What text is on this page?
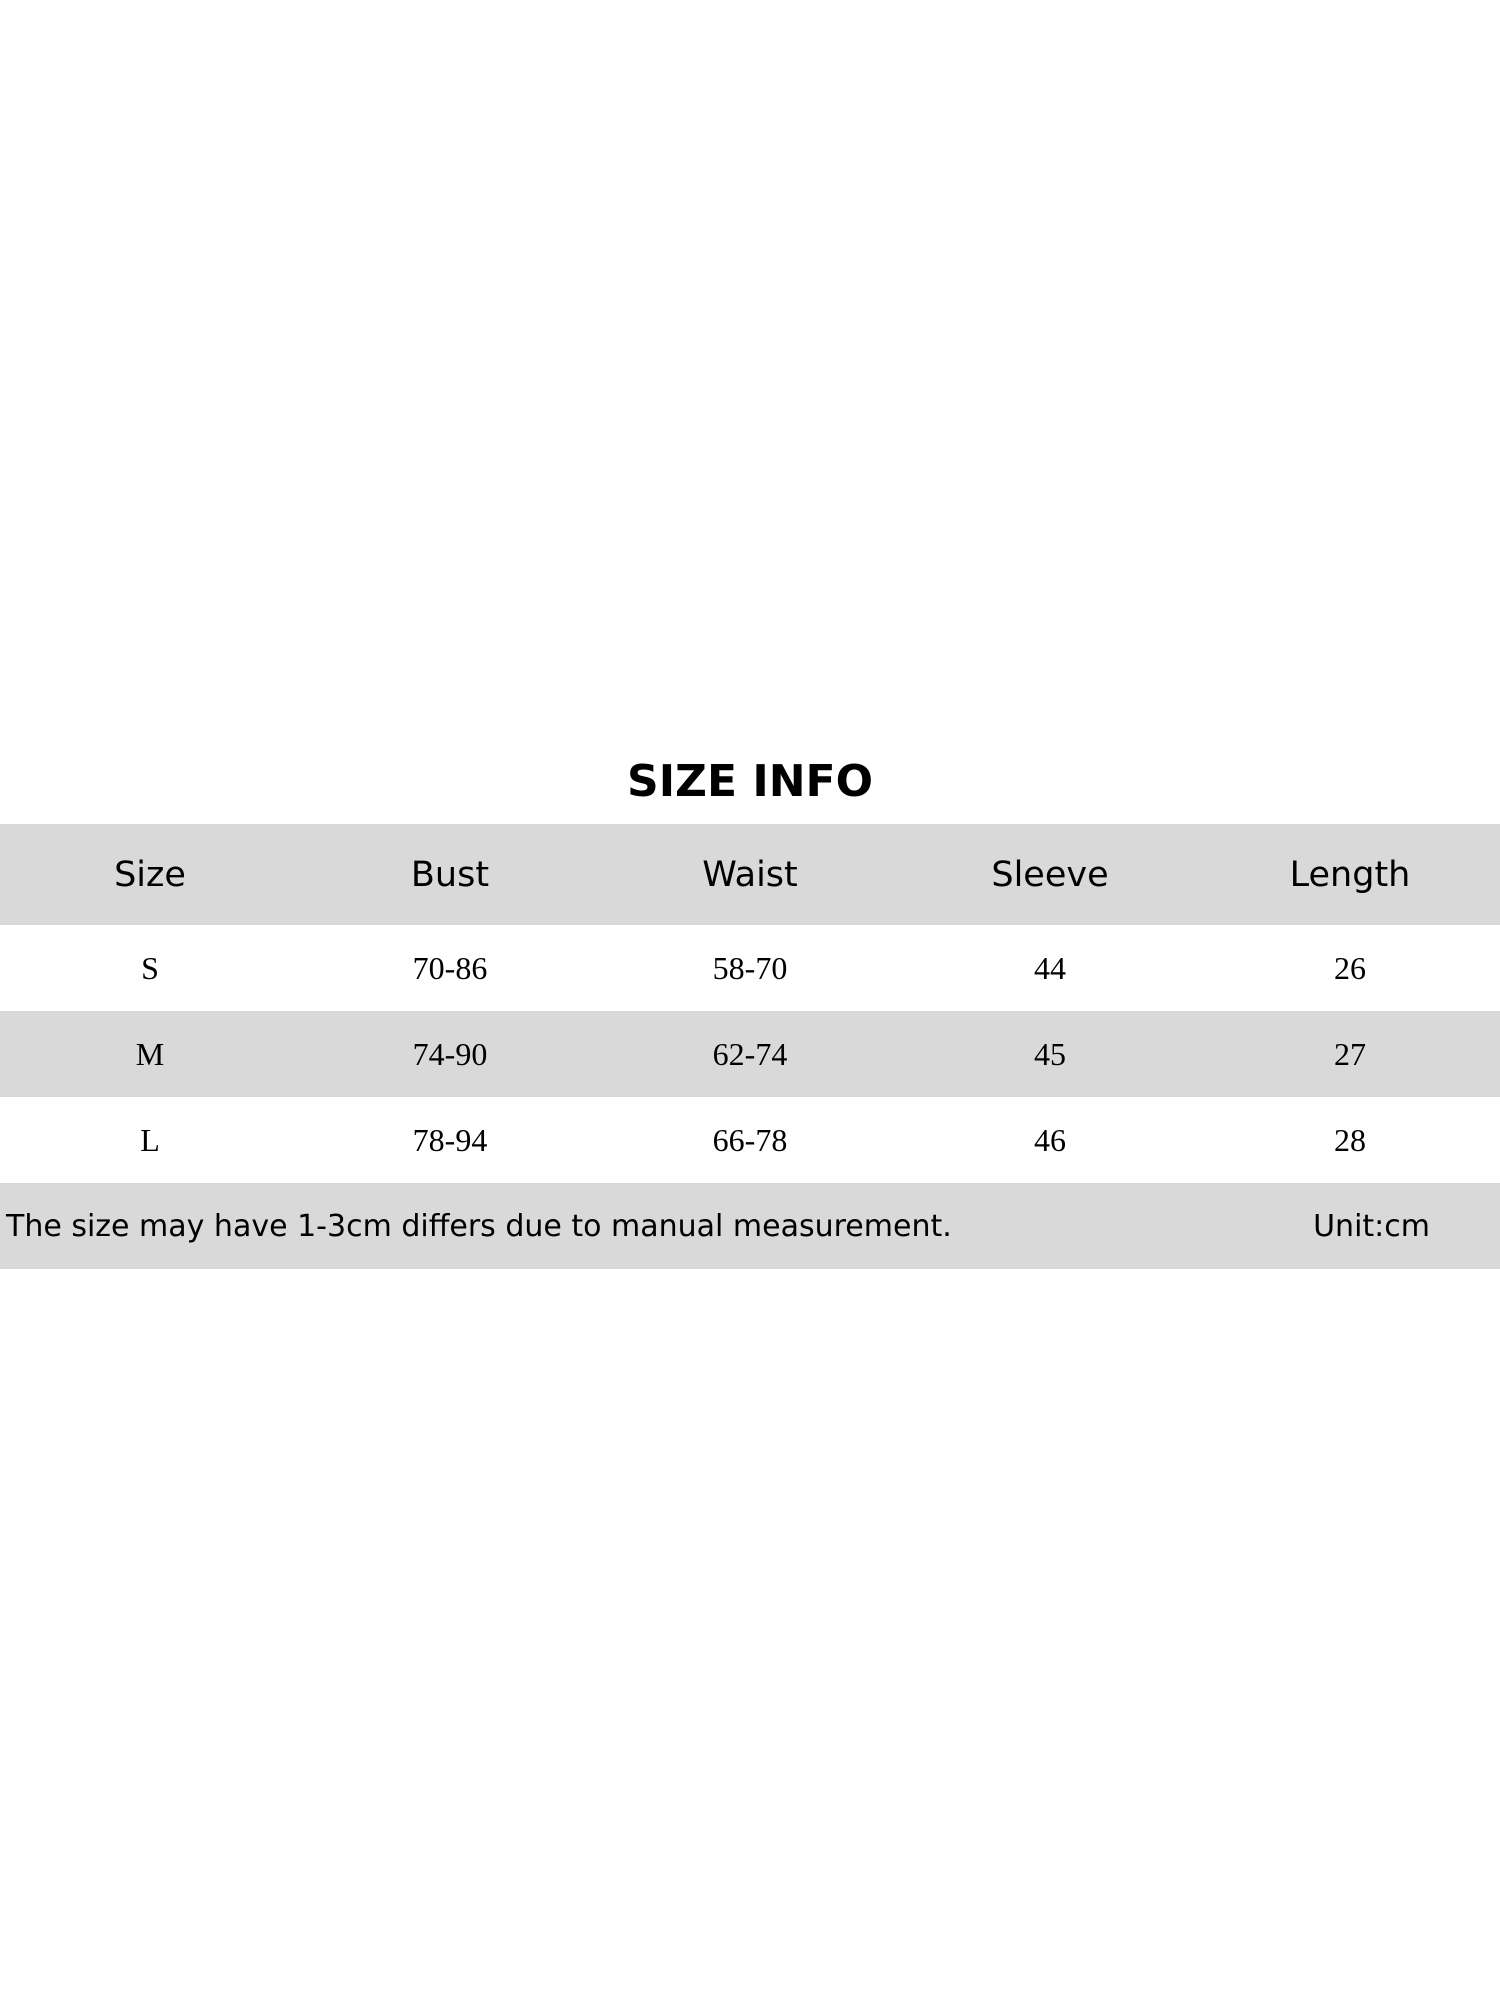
SIZE INFO
Size	Bust	Waist	Sleeve	Length
S	70-86	58-70	44	26
M	74-90	62-74	45	27
L	78-94	66-78	46	28
The size may have 1-3cm differs due to manual measurement.	Unit:cm
